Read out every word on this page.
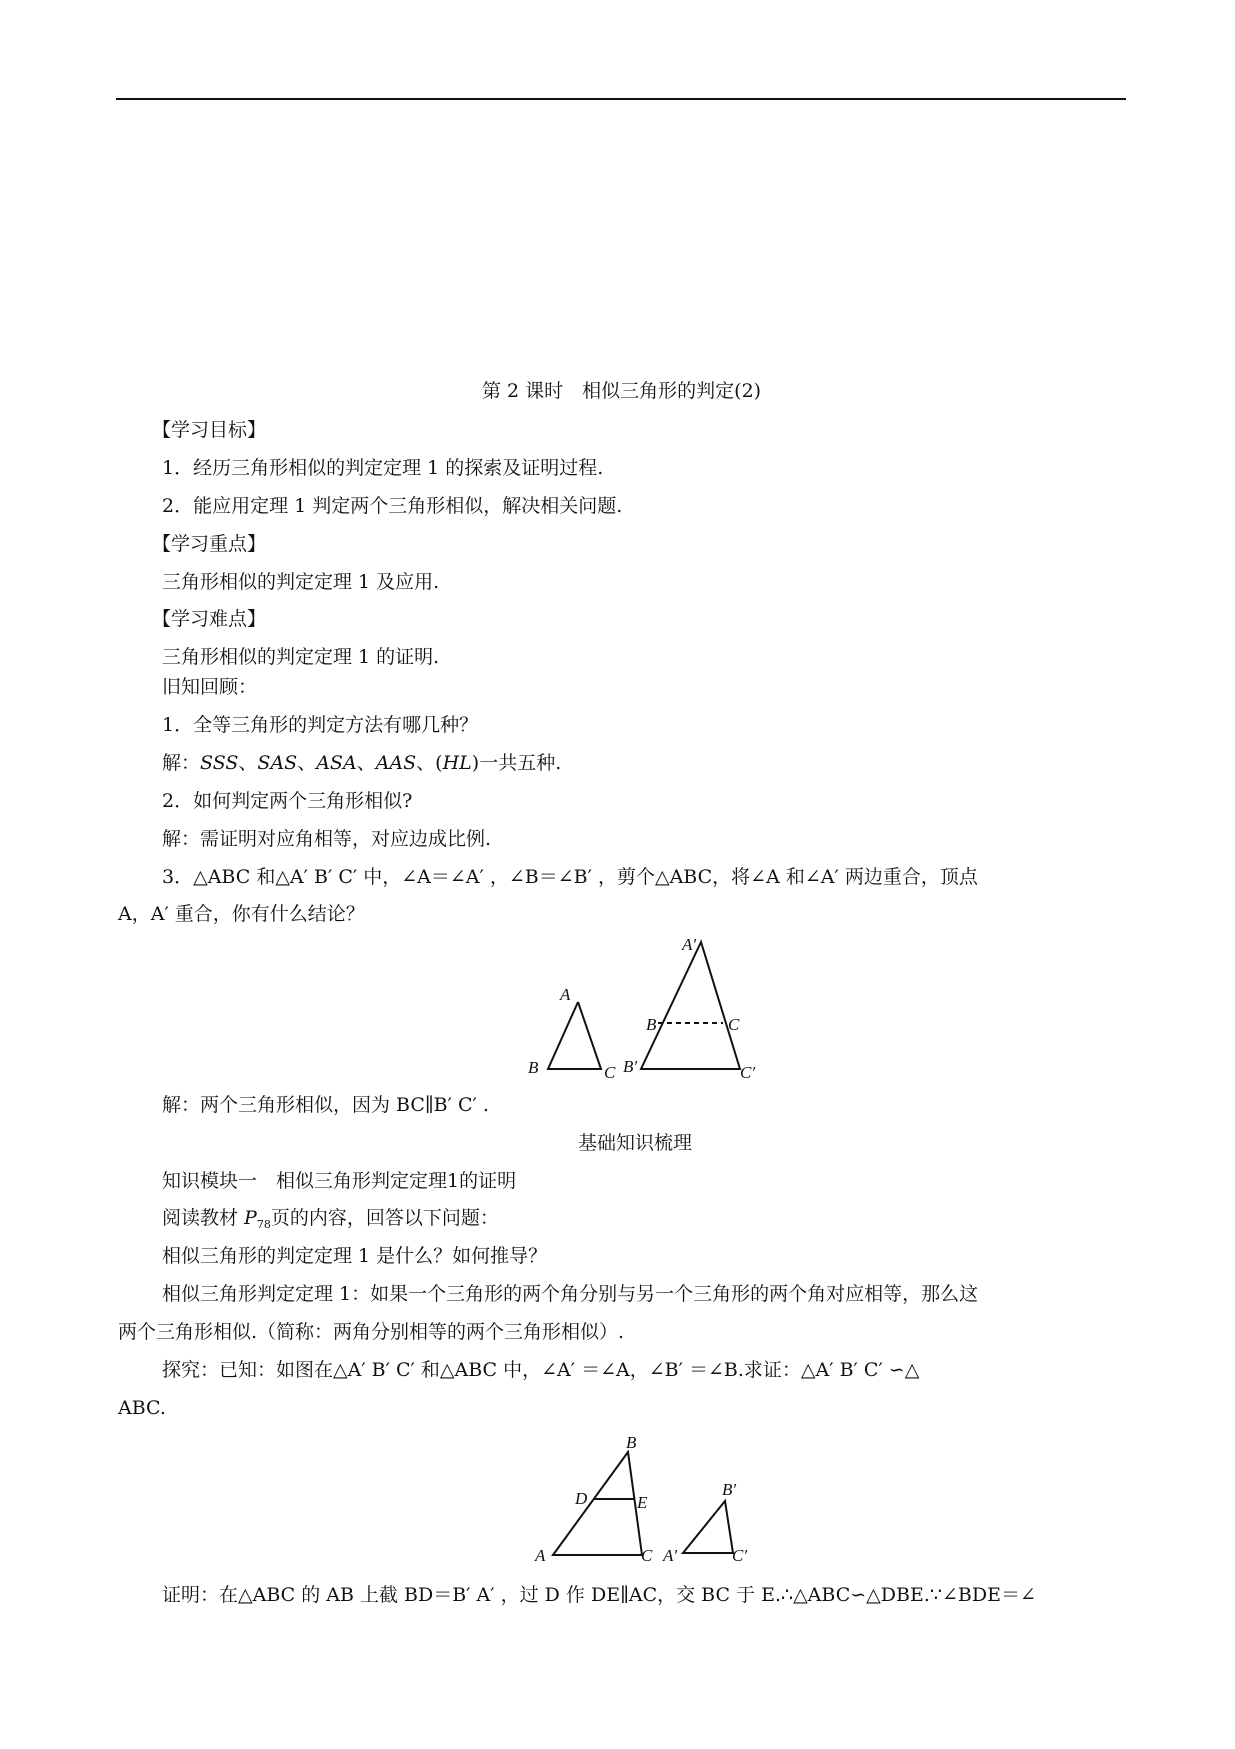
第 2 课时　相似三角形的判定(2)
【学习目标】
1．经历三角形相似的判定定理 1 的探索及证明过程.
2．能应用定理 1 判定两个三角形相似，解决相关问题.
【学习重点】
三角形相似的判定定理 1 及应用.
【学习难点】
三角形相似的判定定理 1 的证明.
旧知回顾：
1．全等三角形的判定方法有哪几种？
解：SSS、SAS、ASA、AAS、(HL)一共五种.
2．如何判定两个三角形相似?
解：需证明对应角相等，对应边成比例.
3．△ABC 和△A′ B′ C′ 中，∠A＝∠A′ ，∠B＝∠B′ ，剪个△ABC，将∠A 和∠A′ 两边重合，顶点
A，A′ 重合，你有什么结论？
A
B	C
A′
B	C
B′	C′
B
D	E
A	C
B′
A′	C′
解：两个三角形相似，因为 BC∥B′ C′ .
基础知识梳理
知识模块一　相似三角形判定定理1的证明
阅读教材 $P_{78}$页的内容，回答以下问题：
相似三角形的判定定理 1 是什么？如何推导？
相似三角形判定定理 1：如果一个三角形的两个角分别与另一个三角形的两个角对应相等，那么这
两个三角形相似.（简称：两角分别相等的两个三角形相似）.
探究：已知：如图在△A′ B′ C′ 和△ABC 中，∠A′ ＝∠A，∠B′ ＝∠B.求证：△A′ B′ C′ ∽△
ABC.
证明：在△ABC 的 AB 上截 BD＝B′ A′ ，过 D 作 DE∥AC，交 BC 于 E.∴△ABC∽△DBE.∵∠BDE＝∠
